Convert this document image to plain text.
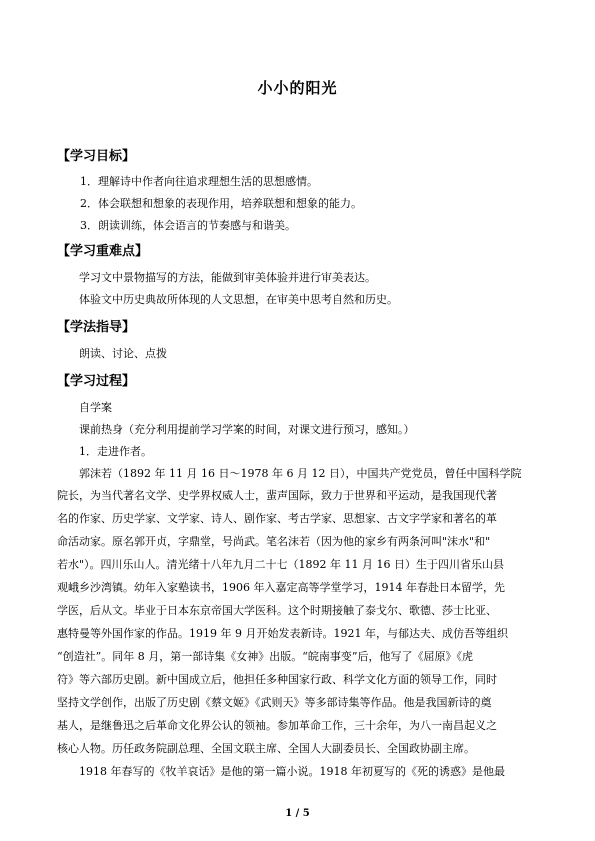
小小的阳光
【学习目标】
1．理解诗中作者向往追求理想生活的思想感情。
2．体会联想和想象的表现作用，培养联想和想象的能力。
3．朗读训练，体会语言的节奏感与和谐美。
【学习重难点】
学习文中景物描写的方法，能做到审美体验并进行审美表达。
体验文中历史典故所体现的人文思想，在审美中思考自然和历史。
【学法指导】
朗读、讨论、点拨
【学习过程】
自学案
课前热身（充分利用提前学习学案的时间，对课文进行预习，感知。）
1．走进作者。
郭沫若（1892 年 11 月 16 日～1978 年 6 月 12 日），中国共产党党员，曾任中国科学院
院长，为当代著名文学、史学界权威人士，蜚声国际，致力于世界和平运动，是我国现代著
名的作家、历史学家、文学家、诗人、剧作家、考古学家、思想家、古文字学家和著名的革
命活动家。原名郭开贞，字鼎堂，号尚武。笔名沫若（因为他的家乡有两条河叫"沫水"和"
若水"）。四川乐山人。清光绪十八年九月二十七（1892 年 11 月 16 日）生于四川省乐山县
观峨乡沙湾镇。幼年入家塾读书，1906 年入嘉定高等学堂学习，1914 年春赴日本留学，先
学医，后从文。毕业于日本东京帝国大学医科。这个时期接触了泰戈尔、歌德、莎士比亚、
惠特曼等外国作家的作品。1919 年 9 月开始发表新诗。1921 年，与郁达夫、成仿吾等组织
“创造社”。同年 8 月，第一部诗集《女神》出版。“皖南事变”后，他写了《屈原》《虎
符》等六部历史剧。新中国成立后，他担任多种国家行政、科学文化方面的领导工作，同时
坚持文学创作，出版了历史剧《蔡文姬》《武则天》等多部诗集等作品。他是我国新诗的奠
基人，是继鲁迅之后革命文化界公认的领袖。参加革命工作，三十余年，为八一南昌起义之
核心人物。历任政务院副总理、全国文联主席、全国人大副委员长、全国政协副主席。
1918 年春写的《牧羊哀话》是他的第一篇小说。1918 年初夏写的《死的诱惑》是他最
1 / 5
